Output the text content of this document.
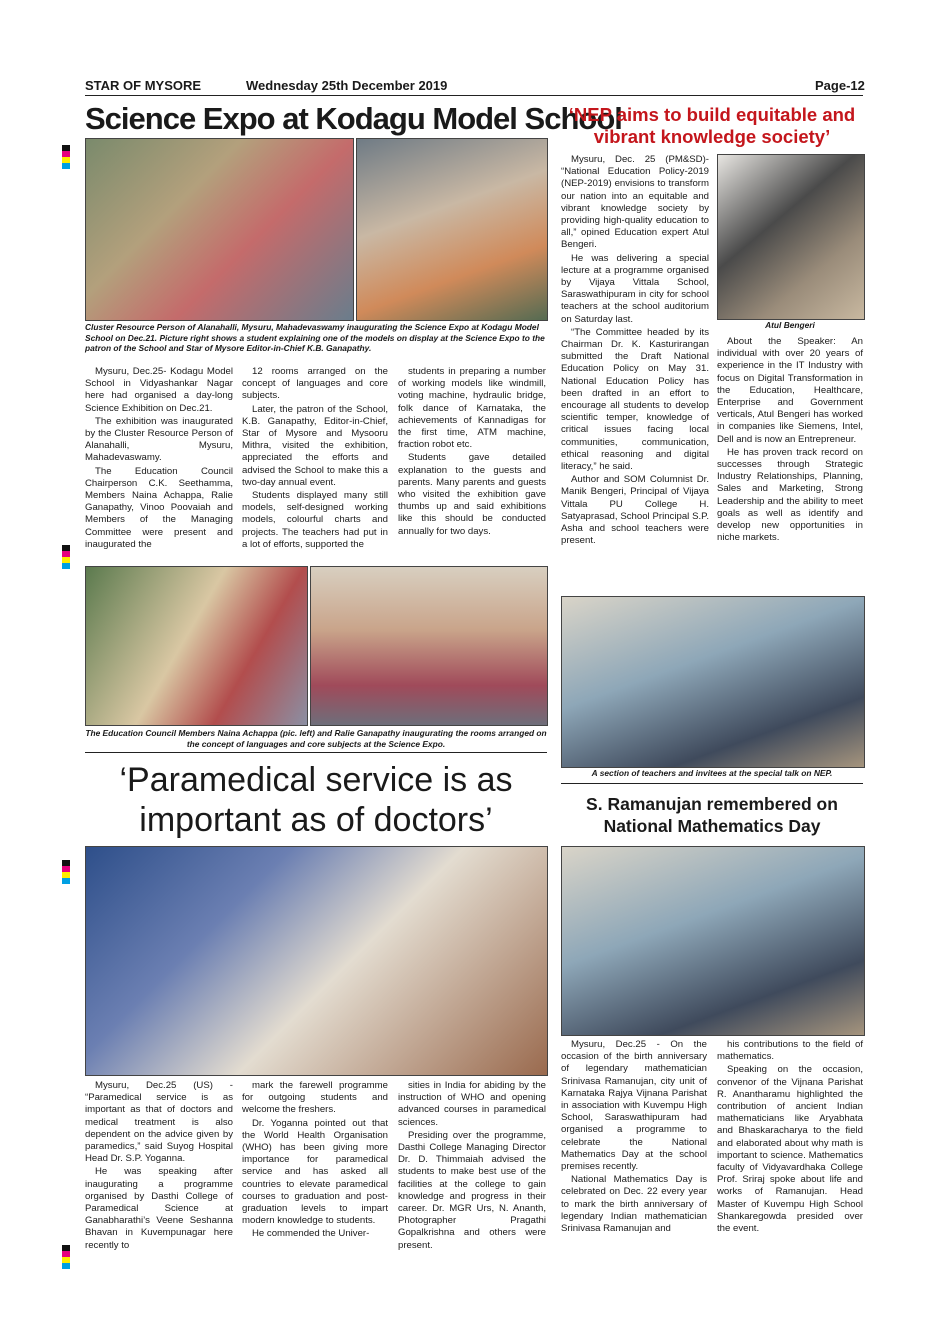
STAR OF MYSORE	Wednesday 25th December 2019	Page-12
Science Expo at Kodagu Model School
Cluster Resource Person of Alanahalli, Mysuru, Mahadevaswamy inaugurating the Science Expo at Kodagu Model School on Dec.21. Picture right shows a student explaining one of the models on display at the Science Expo to the patron of the School and Star of Mysore Editor-in-Chief K.B. Ganapathy.

Mysuru, Dec.25- Kodagu Model School in Vidyashankar Nagar here had organised a day-long Science Exhibition on Dec.21.

The exhibition was inaugurated by the Cluster Resource Person of Alanahalli, Mysuru, Mahadevaswamy.

The Education Council Chairperson C.K. Seethamma, Members Naina Achappa, Ralie Ganapathy, Vinoo Poovaiah and Members of the Managing Committee were present and inaugurated the

12 rooms arranged on the concept of languages and core subjects.

Later, the patron of the School, K.B. Ganapathy, Editor-in-Chief, Star of Mysore and Mysooru Mithra, visited the exhibition, appreciated the efforts and advised the School to make this a two-day annual event.

Students displayed many still models, self-designed working models, colourful charts and projects. The teachers had put in a lot of efforts, supported the

students in preparing a number of working models like windmill, voting machine, hydraulic bridge, folk dance of Karnataka, the achievements of Kannadigas for the first time, ATM machine, fraction robot etc.

Students gave detailed explanation to the guests and parents. Many parents and guests who visited the exhibition gave thumbs up and said exhibitions like this should be conducted annually for two days.

The Education Council Members Naina Achappa (pic. left) and Ralie Ganapathy inaugurating the rooms arranged on the concept of languages and core subjects at the Science Expo.
‘NEP aims to build equitable and vibrant knowledge society’

Mysuru, Dec. 25 (PM&SD)- “National Education Policy-2019 (NEP-2019) envisions to transform our nation into an equitable and vibrant knowledge society by providing high-quality education to all,” opined Education expert Atul Bengeri.

He was delivering a special lecture at a programme organised by Vijaya Vittala School, Saraswathipuram in city for school teachers at the school auditorium on Saturday last.

“The Committee headed by its Chairman Dr. K. Kasturirangan submitted the Draft National Education Policy on May 31. National Education Policy has been drafted in an effort to encourage all students to develop scientific temper, knowledge of critical issues facing local communities, communication, ethical reasoning and digital literacy,” he said.

Author and SOM Columnist Dr. Manik Bengeri, Principal of Vijaya Vittala PU College H. Satyaprasad, School Principal S.P. Asha and school teachers were present.

Atul Bengeri

About the Speaker: An individual with over 20 years of experience in the IT Industry with focus on Digital Transformation in the Education, Healthcare, Enterprise and Government verticals, Atul Bengeri has worked in companies like Siemens, Intel, Dell and is now an Entrepreneur.

He has proven track record on successes through Strategic Industry Relationships, Planning, Sales and Marketing, Strong Leadership and the ability to meet goals as well as identify and develop new opportunities in niche markets.

A section of teachers and invitees at the special talk on NEP.
‘Paramedical service is as important as of doctors’

Mysuru, Dec.25 (US) - “Paramedical service is as important as that of doctors and medical treatment is also dependent on the advice given by paramedics,” said Suyog Hospital Head Dr. S.P. Yoganna.

He was speaking after inaugurating a programme organised by Dasthi College of Paramedical Science at Ganabharathi’s Veene Seshanna Bhavan in Kuvempunagar here recently to

mark the farewell programme for outgoing students and welcome the freshers.

Dr. Yoganna pointed out that the World Health Organisation (WHO) has been giving more importance for paramedical service and has asked all countries to elevate paramedical courses to graduation and post-graduation levels to impart modern knowledge to students.

He commended the Univer-

sities in India for abiding by the instruction of WHO and opening advanced courses in paramedical sciences.

Presiding over the programme, Dasthi College Managing Director Dr. D. Thimmaiah advised the students to make best use of the facilities at the college to gain knowledge and progress in their career. Dr. MGR Urs, N. Ananth, Photographer Pragathi Gopalkrishna and others were present.

S. Ramanujan remembered on National Mathematics Day

Mysuru, Dec.25 - On the occasion of the birth anniversary of legendary mathematician Srinivasa Ramanujan, city unit of Karnataka Rajya Vijnana Parishat in association with Kuvempu High School, Saraswathipuram had organised a programme to celebrate the National Mathematics Day at the school premises recently.

National Mathematics Day is celebrated on Dec. 22 every year to mark the birth anniversary of legendary Indian mathematician Srinivasa Ramanujan and

his contributions to the field of mathematics.

Speaking on the occasion, convenor of the Vijnana Parishat R. Anantharamu highlighted the contribution of ancient Indian mathematicians like Aryabhata and Bhaskaracharya to the field and elaborated about why math is important to science. Mathematics faculty of Vidyavardhaka College Prof. Sriraj spoke about life and works of Ramanujan. Head Master of Kuvempu High School Shankaregowda presided over the event.
